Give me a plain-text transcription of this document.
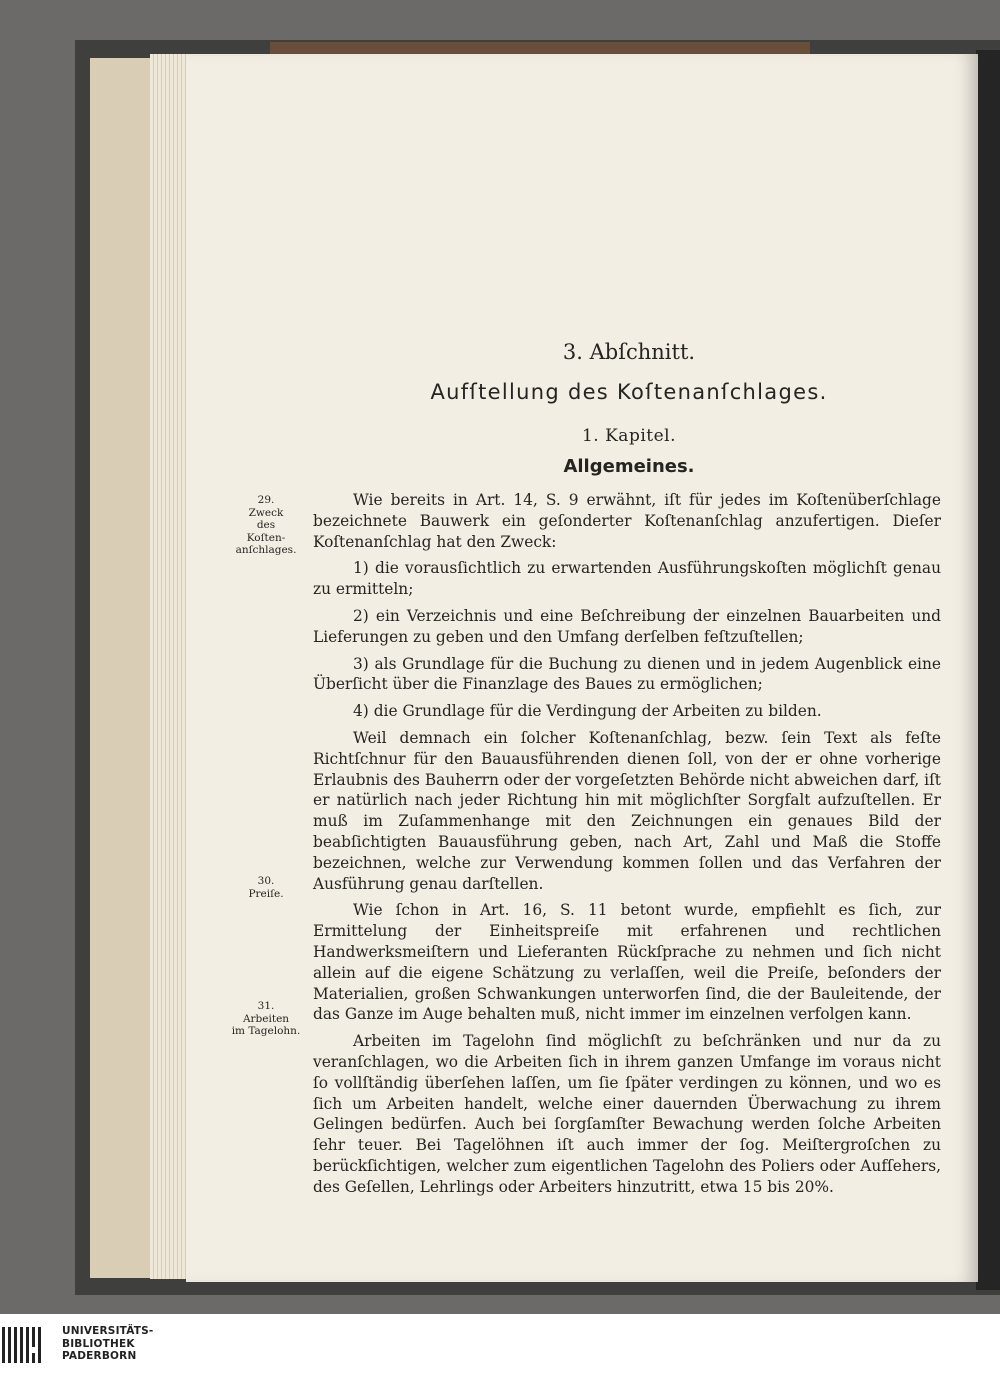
3. Abſchnitt.
Aufſtellung des Koſtenanſchlages.
1. Kapitel.
Allgemeines.
29.
Zweck
des
Koſten-
anſchlages.
30.
Preiſe.
31.
Arbeiten
im Tagelohn.

Wie bereits in Art. 14, S. 9 erwähnt, iſt für jedes im Koſtenüberſchlage bezeichnete Bauwerk ein geſonderter Koſtenanſchlag anzufertigen. Dieſer Koſtenanſchlag hat den Zweck:

1) die vorausſichtlich zu erwartenden Ausführungskoſten möglichſt genau zu ermitteln;

2) ein Verzeichnis und eine Beſchreibung der einzelnen Bauarbeiten und Lieferungen zu geben und den Umfang derſelben feſtzuſtellen;

3) als Grundlage für die Buchung zu dienen und in jedem Augenblick eine Überſicht über die Finanzlage des Baues zu ermöglichen;

4) die Grundlage für die Verdingung der Arbeiten zu bilden.

Weil demnach ein ſolcher Koſtenanſchlag, bezw. ſein Text als feſte Richtſchnur für den Bauausführenden dienen ſoll, von der er ohne vorherige Erlaubnis des Bauherrn oder der vorgeſetzten Behörde nicht abweichen darf, iſt er natürlich nach jeder Richtung hin mit möglichſter Sorgfalt aufzuſtellen. Er muß im Zuſammenhange mit den Zeichnungen ein genaues Bild der beabſichtigten Bauausführung geben, nach Art, Zahl und Maß die Stoffe bezeichnen, welche zur Verwendung kommen ſollen und das Verfahren der Ausführung genau darſtellen.

Wie ſchon in Art. 16, S. 11 betont wurde, empfiehlt es ſich, zur Ermittelung der Einheitspreiſe mit erfahrenen und rechtlichen Handwerksmeiſtern und Lieferanten Rückſprache zu nehmen und ſich nicht allein auf die eigene Schätzung zu verlaſſen, weil die Preiſe, beſonders der Materialien, großen Schwankungen unterworfen ſind, die der Bauleitende, der das Ganze im Auge behalten muß, nicht immer im einzelnen verfolgen kann.

Arbeiten im Tagelohn ſind möglichſt zu beſchränken und nur da zu veranſchlagen, wo die Arbeiten ſich in ihrem ganzen Umfange im voraus nicht ſo vollſtändig überſehen laſſen, um ſie ſpäter verdingen zu können, und wo es ſich um Arbeiten handelt, welche einer dauernden Überwachung zu ihrem Gelingen bedürfen. Auch bei ſorgſamſter Bewachung werden ſolche Arbeiten ſehr teuer. Bei Tagelöhnen iſt auch immer der ſog. Meiſtergroſchen zu berückſichtigen, welcher zum eigentlichen Tagelohn des Poliers oder Aufſehers, des Geſellen, Lehrlings oder Arbeiters hinzutritt, etwa 15 bis 20%.

UNIVERSITÄTS-
BIBLIOTHEK
PADERBORN
